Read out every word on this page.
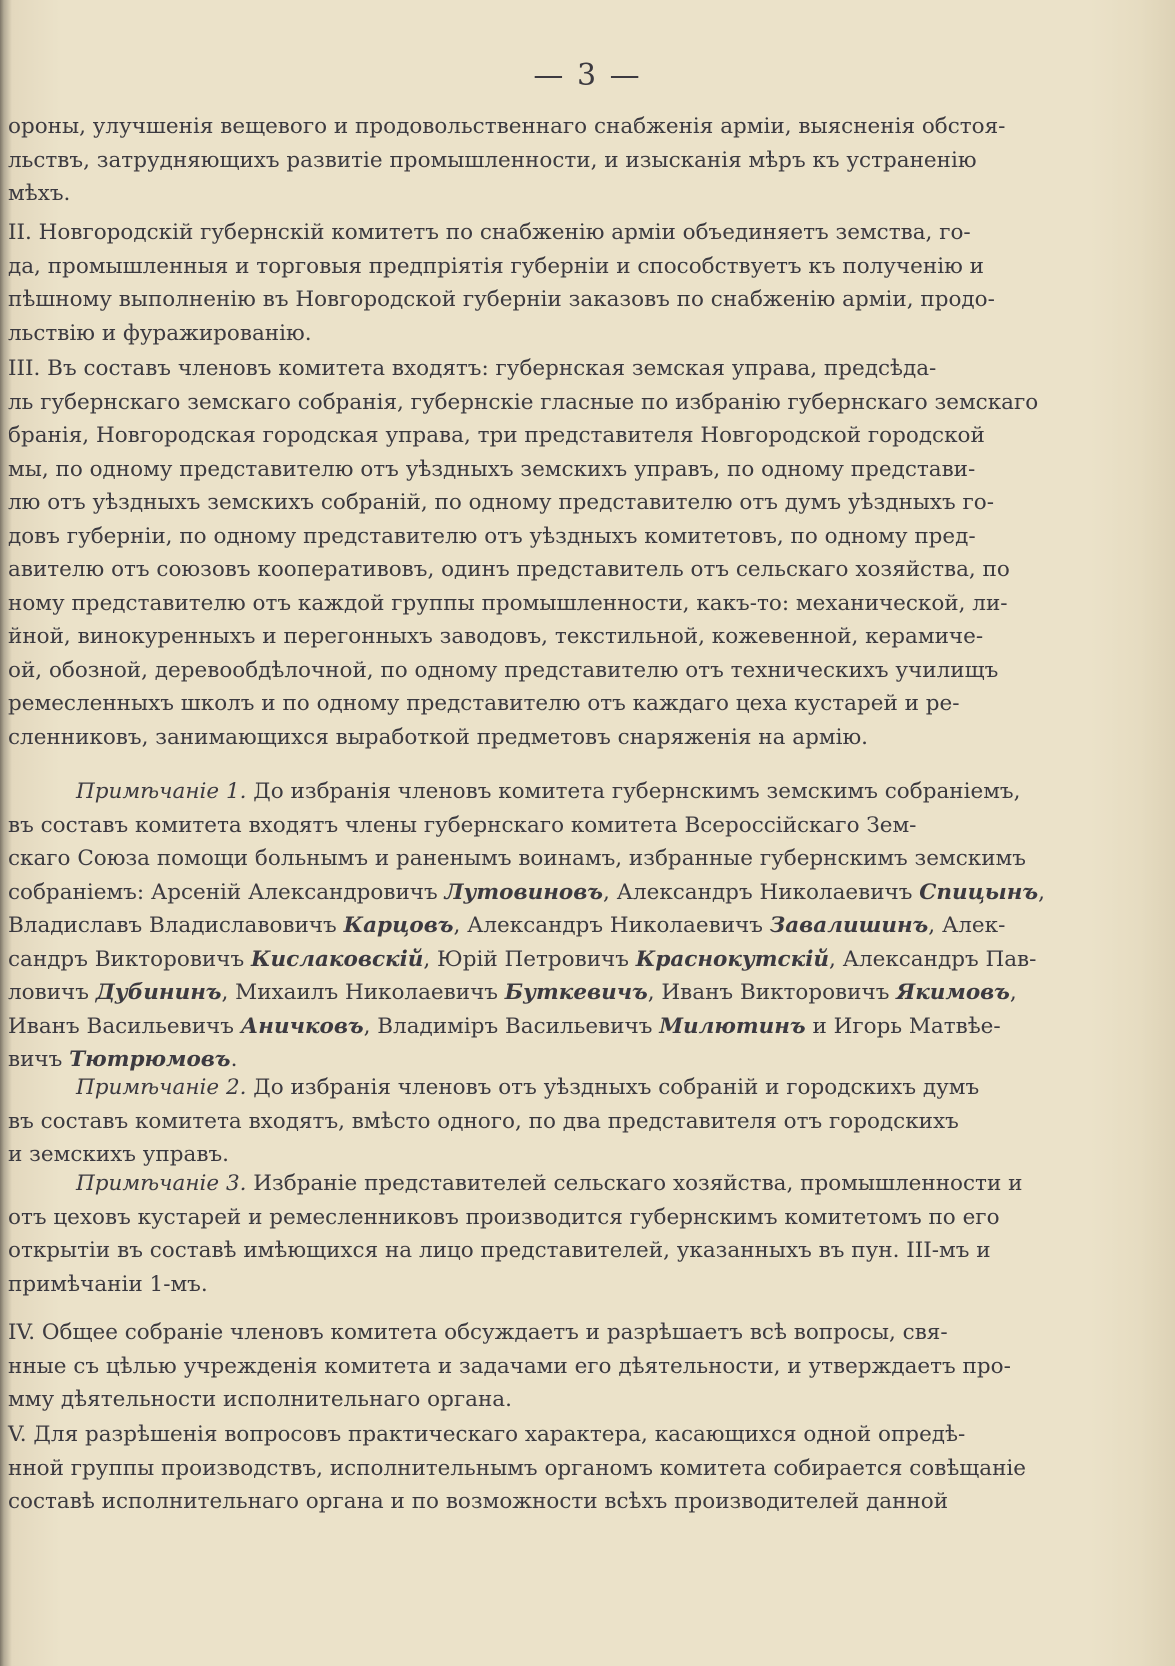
— 3 —

ороны, улучшенія вещевого и продовольственнаго снабженія арміи, выясненія обстоя-

льствъ, затрудняющихъ развитіе промышленности, и изысканія мѣръ къ устраненію

мѣхъ.

II. Новгородскій губернскій комитетъ по снабженію арміи объединяетъ земства, го-

да, промышленныя и торговыя предпріятія губерніи и способствуетъ къ полученію и

пѣшному выполненію въ Новгородской губерніи заказовъ по снабженію арміи, продо-

льствію и фуражированію.

III. Въ составъ членовъ комитета входятъ: губернская земская управа, предсѣда-

ль губернскаго земскаго собранія, губернскіе гласные по избранію губернскаго земскаго

бранія, Новгородская городская управа, три представителя Новгородской городской

мы, по одному представителю отъ уѣздныхъ земскихъ управъ, по одному представи-

лю отъ уѣздныхъ земскихъ собраній, по одному представителю отъ думъ уѣздныхъ го-

довъ губерніи, по одному представителю отъ уѣздныхъ комитетовъ, по одному пред-

авителю отъ союзовъ кооперативовъ, одинъ представитель отъ сельскаго хозяйства, по

ному представителю отъ каждой группы промышленности, какъ-то: механической, ли-

йной, винокуренныхъ и перегонныхъ заводовъ, текстильной, кожевенной, керамиче-

ой, обозной, деревообдѣлочной, по одному представителю отъ техническихъ училищъ

ремесленныхъ школъ и по одному представителю отъ каждаго цеха кустарей и ре-

сленниковъ, занимающихся выработкой предметовъ снаряженія на армію.

Примѣчаніе 1. До избранія членовъ комитета губернскимъ земскимъ собраніемъ,

въ составъ комитета входятъ члены губернскаго комитета Всероссійскаго Зем-

скаго Союза помощи больнымъ и раненымъ воинамъ, избранные губернскимъ земскимъ

собраніемъ: Арсеній Александровичъ Лутовиновъ, Александръ Николаевичъ Спицынъ,

Владиславъ Владиславовичъ Карцовъ, Александръ Николаевичъ Завалишинъ, Алек-

сандръ Викторовичъ Кислаковскій, Юрій Петровичъ Краснокутскій, Александръ Пав-

ловичъ Дубининъ, Михаилъ Николаевичъ Буткевичъ, Иванъ Викторовичъ Якимовъ,

Иванъ Васильевичъ Аничковъ, Владиміръ Васильевичъ Милютинъ и Игорь Матвѣе-

вичъ Тютрюмовъ.

Примѣчаніе 2. До избранія членовъ отъ уѣздныхъ собраній и городскихъ думъ

въ составъ комитета входятъ, вмѣсто одного, по два представителя отъ городскихъ

и земскихъ управъ.

Примѣчаніе 3. Избраніе представителей сельскаго хозяйства, промышленности и

отъ цеховъ кустарей и ремесленниковъ производится губернскимъ комитетомъ по его

открытіи въ составѣ имѣющихся на лицо представителей, указанныхъ въ пун. III-мъ и

примѣчаніи 1-мъ.

IV. Общее собраніе членовъ комитета обсуждаетъ и разрѣшаетъ всѣ вопросы, свя-

нные съ цѣлью учрежденія комитета и задачами его дѣятельности, и утверждаетъ про-

мму дѣятельности исполнительнаго органа.

V. Для разрѣшенія вопросовъ практическаго характера, касающихся одной опредѣ-

нной группы производствъ, исполнительнымъ органомъ комитета собирается совѣщаніе

составѣ исполнительнаго органа и по возможности всѣхъ производителей данной
